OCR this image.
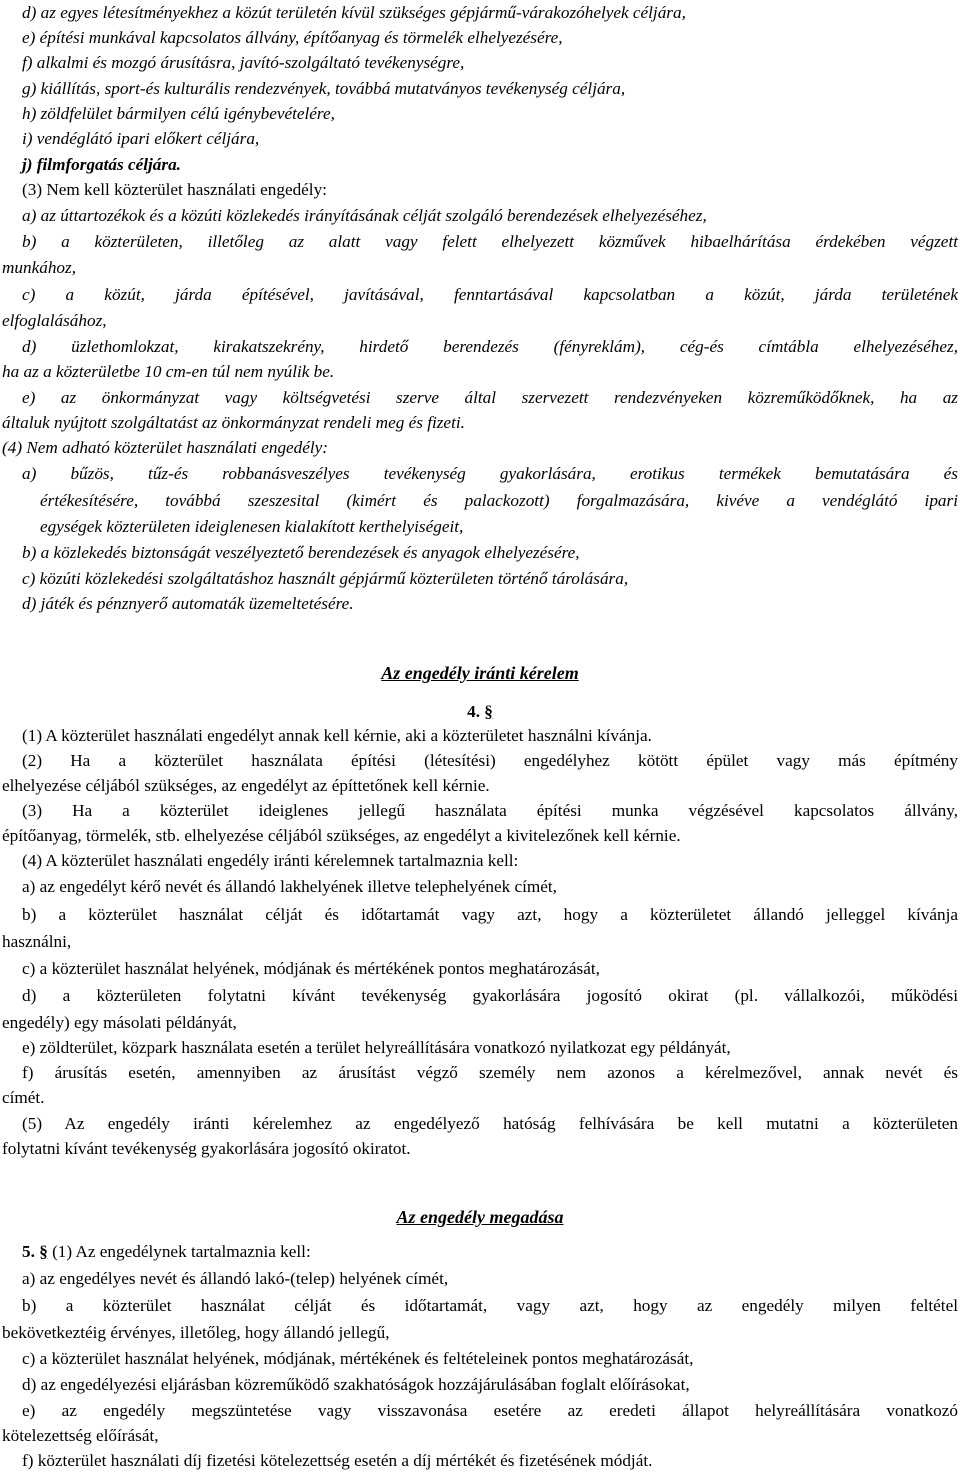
d) az egyes létesítményekhez a közút területén kívül szükséges gépjármű-várakozóhelyek céljára,
e) építési munkával kapcsolatos állvány, építőanyag és törmelék elhelyezésére,
f) alkalmi és mozgó árusításra, javító-szolgáltató tevékenységre,
g) kiállítás, sport-és kulturális rendezvények, továbbá mutatványos tevékenység céljára,
h) zöldfelület bármilyen célú igénybevételére,
i) vendéglátó ipari előkert céljára,
j) filmforgatás céljára.
(3) Nem kell közterület használati engedély:
a) az úttartozékok és a közúti közlekedés irányításának célját szolgáló berendezések elhelyezéséhez,
b) a közterületen, illetőleg az alatt vagy felett elhelyezett közművek hibaelhárítása érdekében végzett
munkához,
c) a közút, járda építésével, javításával, fenntartásával kapcsolatban a közút, járda területének
elfoglalásához,
d) üzlethomlokzat, kirakatszekrény, hirdető berendezés (fényreklám), cég-és címtábla elhelyezéséhez,
ha az a közterületbe 10 cm-en túl nem nyúlik be.
e) az önkormányzat vagy költségvetési szerve által szervezett rendezvényeken közreműködőknek, ha az
általuk nyújtott szolgáltatást az önkormányzat rendeli meg és fizeti.
(4) Nem adható közterület használati engedély:
a) bűzös, tűz-és robbanásveszélyes tevékenység gyakorlására, erotikus termékek bemutatására és
értékesítésére, továbbá szeszesital (kimért és palackozott) forgalmazására, kivéve a vendéglátó ipari
egységek közterületen ideiglenesen kialakított kerthelyiségeit,
b) a közlekedés biztonságát veszélyeztető berendezések és anyagok elhelyezésére,
c) közúti közlekedési szolgáltatáshoz használt gépjármű közterületen történő tárolására,
d) játék és pénznyerő automaták üzemeltetésére.
Az engedély iránti kérelem
4. §
(1) A közterület használati engedélyt annak kell kérnie, aki a közterületet használni kívánja.
(2) Ha a közterület használata építési (létesítési) engedélyhez kötött épület vagy más építmény
elhelyezése céljából szükséges, az engedélyt az építtetőnek kell kérnie.
(3) Ha a közterület ideiglenes jellegű használata építési munka végzésével kapcsolatos állvány,
építőanyag, törmelék, stb. elhelyezése céljából szükséges, az engedélyt a kivitelezőnek kell kérnie.
(4) A közterület használati engedély iránti kérelemnek tartalmaznia kell:
a) az engedélyt kérő nevét és állandó lakhelyének illetve telephelyének címét,
b) a közterület használat célját és időtartamát vagy azt, hogy a közterületet állandó jelleggel kívánja
használni,
c) a közterület használat helyének, módjának és mértékének pontos meghatározását,
d) a közterületen folytatni kívánt tevékenység gyakorlására jogosító okirat (pl. vállalkozói, működési
engedély) egy másolati példányát,
e) zöldterület, közpark használata esetén a terület helyreállítására vonatkozó nyilatkozat egy példányát,
f) árusítás esetén, amennyiben az árusítást végző személy nem azonos a kérelmezővel, annak nevét és
címét.
(5) Az engedély iránti kérelemhez az engedélyező hatóság felhívására be kell mutatni a közterületen
folytatni kívánt tevékenység gyakorlására jogosító okiratot.
Az engedély megadása
5. § (1) Az engedélynek tartalmaznia kell:
a) az engedélyes nevét és állandó lakó-(telep) helyének címét,
b) a közterület használat célját és időtartamát, vagy azt, hogy az engedély milyen feltétel
bekövetkeztéig érvényes, illetőleg, hogy állandó jellegű,
c) a közterület használat helyének, módjának, mértékének és feltételeinek pontos meghatározását,
d) az engedélyezési eljárásban közreműködő szakhatóságok hozzájárulásában foglalt előírásokat,
e) az engedély megszüntetése vagy visszavonása esetére az eredeti állapot helyreállítására vonatkozó
kötelezettség előírását,
f) közterület használati díj fizetési kötelezettség esetén a díj mértékét és fizetésének módját.
